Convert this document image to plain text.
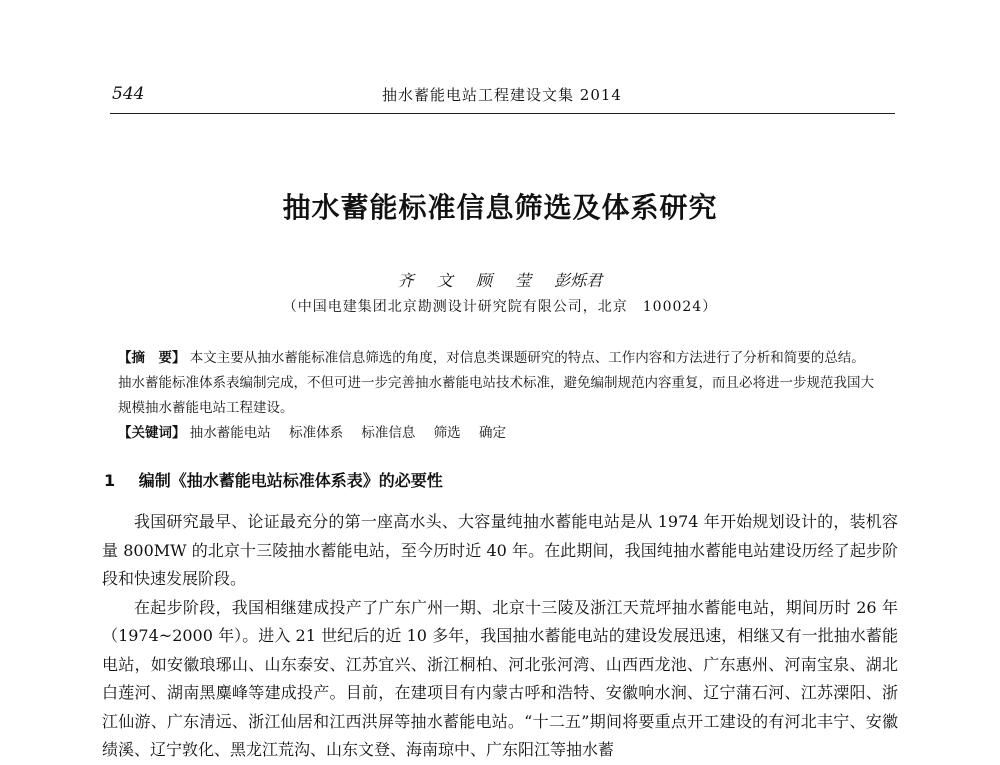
544	抽水蓄能电站工程建设文集 2014
抽水蓄能标准信息筛选及体系研究
齐 文 顾 莹 彭烁君
（中国电建集团北京勘测设计研究院有限公司，北京　100024）

【摘　要】 本文主要从抽水蓄能标准信息筛选的角度，对信息类课题研究的特点、工作内容和方法进行了分析和简要的总结。抽水蓄能标准体系表编制完成，不但可进一步完善抽水蓄能电站技术标准，避免编制规范内容重复，而且必将进一步规范我国大规模抽水蓄能电站工程建设。

【关键词】 抽水蓄能电站 标准体系 标准信息 筛选 确定

1 编制《抽水蓄能电站标准体系表》的必要性

我国研究最早、论证最充分的第一座高水头、大容量纯抽水蓄能电站是从 1974 年开始规划设计的，装机容量 800MW 的北京十三陵抽水蓄能电站，至今历时近 40 年。在此期间，我国纯抽水蓄能电站建设历经了起步阶段和快速发展阶段。

在起步阶段，我国相继建成投产了广东广州一期、北京十三陵及浙江天荒坪抽水蓄能电站，期间历时 26 年（1974~2000 年）。进入 21 世纪后的近 10 多年，我国抽水蓄能电站的建设发展迅速，相继又有一批抽水蓄能电站，如安徽琅琊山、山东泰安、江苏宜兴、浙江桐柏、河北张河湾、山西西龙池、广东惠州、河南宝泉、湖北白莲河、湖南黑麋峰等建成投产。目前，在建项目有内蒙古呼和浩特、安徽响水涧、辽宁蒲石河、江苏溧阳、浙江仙游、广东清远、浙江仙居和江西洪屏等抽水蓄能电站。“十二五”期间将要重点开工建设的有河北丰宁、安徽绩溪、辽宁敦化、黑龙江荒沟、山东文登、海南琼中、广东阳江等抽水蓄
